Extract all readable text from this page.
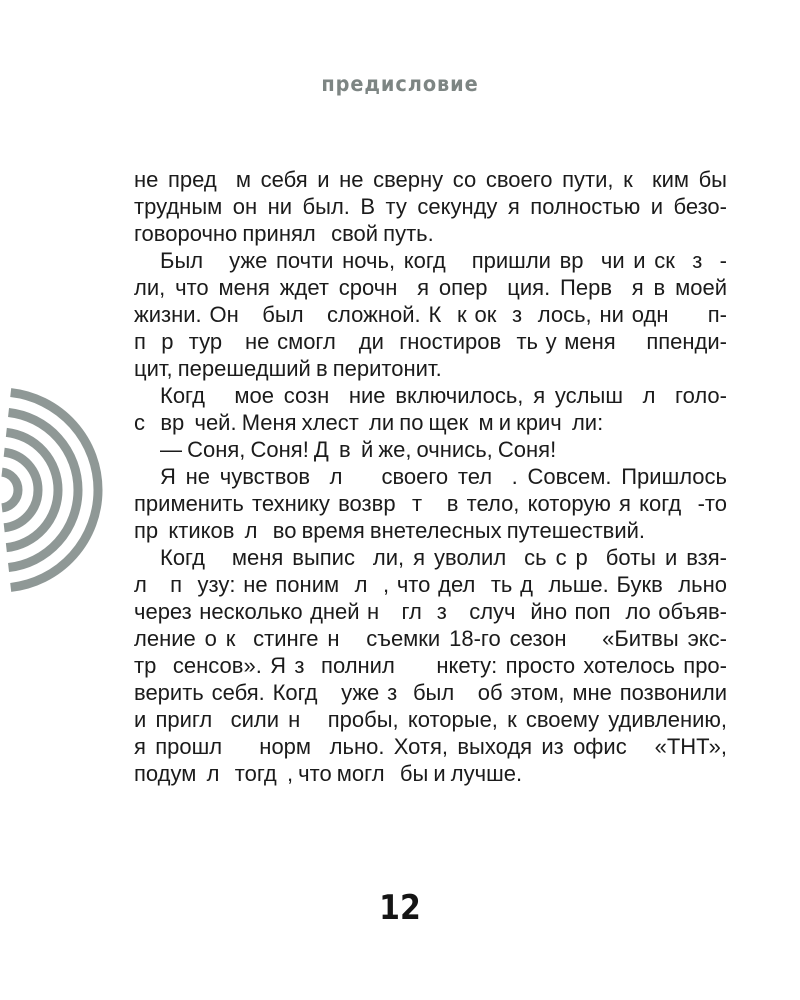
предисловие
не пред  м себя и не сверну со своего пути, к  ким бы
трудным он ни был. В ту секунду я полностью и безо-
говорочно принял   свой путь.
Был   уже почти ночь, когд   пришли вр  чи и ск  з  -
ли, что меня ждет срочн  я опер  ция. Перв  я в моей
жизни. Он   был   сложной. К  к ок  з  лось, ни одн     п-
п  р  тур   не смогл   ди  гностиров  ть у меня    ппенди-
цит, перешедший в перитонит.
Когд   мое созн  ние включилось, я услыш  л  голо-
с   вр  чей. Меня хлест  ли по щек  м и крич  ли:
— Соня, Соня! Д  в  й же, очнись, Соня!
Я не чувствов  л    своего тел  . Совсем. Пришлось
применить технику возвр  т   в тело, которую я когд  -то
пр  ктиков  л   во время внетелесных путешествий.
Когд   меня выпис  ли, я уволил  сь с р  боты и взя-
л   п  узу: не поним  л  , что дел  ть д  льше. Букв  льно
через несколько дней н   гл  з   случ  йно поп  ло объяв-
ление о к  стинге н   съемки 18-го сезон    «Битвы экс-
тр  сенсов». Я з  полнил     нкету: просто хотелось про-
верить себя. Когд   уже з  был   об этом, мне позвонили
и пригл  сили н   пробы, которые, к своему удивлению,
я прошл    норм  льно. Хотя, выходя из офис   «ТНТ»,
подум  л   тогд  , что могл   бы и лучше.
12
